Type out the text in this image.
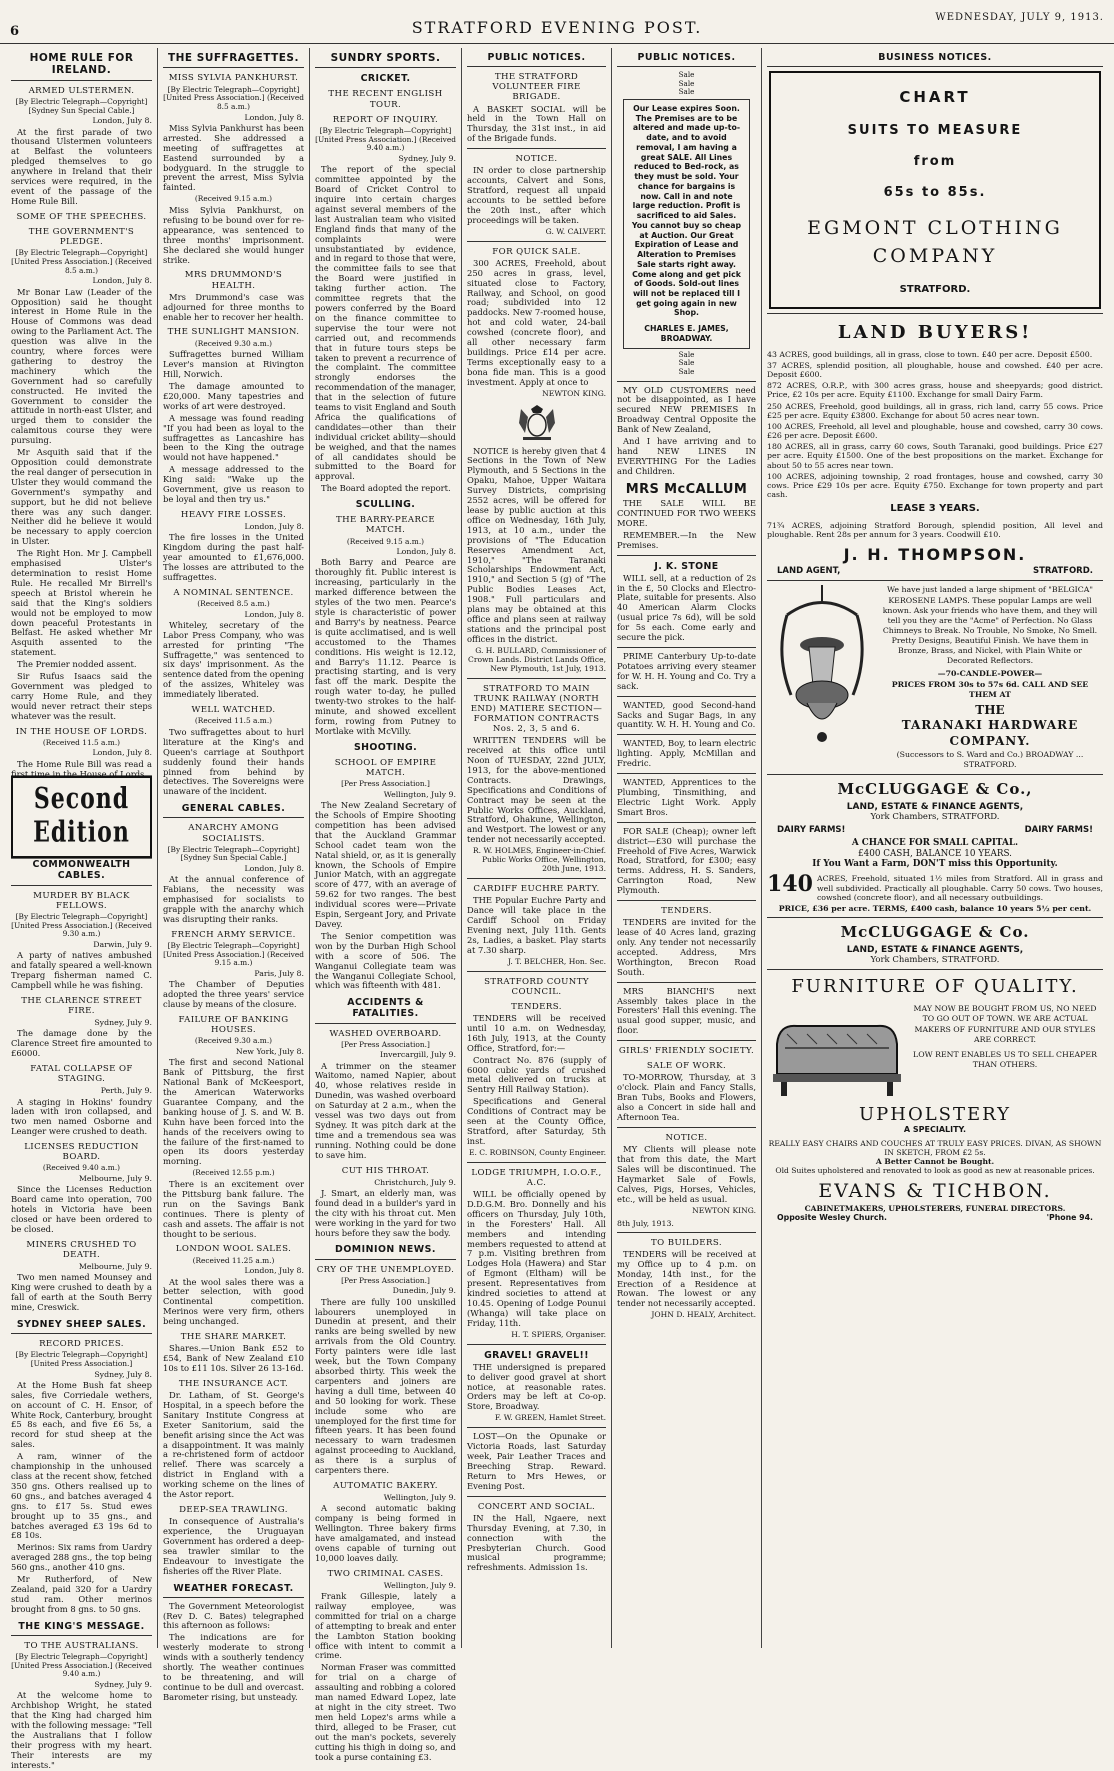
6	STRATFORD EVENING POST.
WEDNESDAY, JULY 9, 1913.
HOME RULE FOR IRELAND.
ARMED ULSTERMEN.
[By Electric Telegraph—Copyright] [Sydney Sun Special Cable.]
London, July 8.

At the first parade of two thousand Ulstermen volunteers at Belfast the volunteers pledged themselves to go anywhere in Ireland that their services were required, in the event of the passage of the Home Rule Bill.

SOME OF THE SPEECHES.
THE GOVERNMENT'S PLEDGE.
[By Electric Telegraph—Copyright] [United Press Association.] (Received 8.5 a.m.)
London, July 8.

Mr Bonar Law (Leader of the Opposition) said he thought interest in Home Rule in the House of Commons was dead owing to the Parliament Act. The question was alive in the country, where forces were gathering to destroy the machinery which the Government had so carefully constructed. He invited the Government to consider the attitude in north-east Ulster, and urged them to consider the calamitous course they were pursuing.

Mr Asquith said that if the Opposition could demonstrate the real danger of persecution in Ulster they would command the Government's sympathy and support, but he did not believe there was any such danger. Neither did he believe it would be necessary to apply coercion in Ulster.

The Right Hon. Mr J. Campbell emphasised Ulster's determination to resist Home Rule. He recalled Mr Birrell's speech at Bristol wherein he said that the King's soldiers would not be employed to mow down peaceful Protestants in Belfast. He asked whether Mr Asquith assented to the statement.

The Premier nodded assent.

Sir Rufus Isaacs said the Government was pledged to carry Home Rule, and they would never retract their steps whatever was the result.

IN THE HOUSE OF LORDS.
(Received 11.5 a.m.)
London, July 8.

The Home Rule Bill was read a first time in the House of Lords.

Second Edition
COMMONWEALTH CABLES.
MURDER BY BLACK FELLOWS.
[By Electric Telegraph—Copyright] [United Press Association.] (Received 9.30 a.m.)
Darwin, July 9.

A party of natives ambushed and fatally speared a well-known Treparg fisherman named C. Campbell while he was fishing.

THE CLARENCE STREET FIRE.
Sydney, July 9.

The damage done by the Clarence Street fire amounted to £6000.

FATAL COLLAPSE OF STAGING.
Perth, July 9.

A staging in Hokins' foundry laden with iron collapsed, and two men named Osborne and Leanger were crushed to death.

LICENSES REDUCTION BOARD.
(Received 9.40 a.m.)
Melbourne, July 9.

Since the Licenses Reduction Board came into operation, 700 hotels in Victoria have been closed or have been ordered to be closed.

MINERS CRUSHED TO DEATH.
Melbourne, July 9.

Two men named Mounsey and King were crushed to death by a fall of earth at the South Berry mine, Creswick.

SYDNEY SHEEP SALES.
RECORD PRICES.
[By Electric Telegraph—Copyright] [United Press Association.]
Sydney, July 8.

At the Home Bush fat sheep sales, five Corriedale wethers, on account of C. H. Ensor, of White Rock, Canterbury, brought £5 8s each, and five £6 5s, a record for stud sheep at the sales.

A ram, winner of the championship in the unhoused class at the recent show, fetched 350 gns. Others realised up to 60 gns., and batches averaged 4 gns. to £17 5s. Stud ewes brought up to 35 gns., and batches averaged £3 19s 6d to £8 10s.

Merinos: Six rams from Uardry averaged 288 gns., the top being 560 gns., another 410 gns.

Mr Rutherford, of New Zealand, paid 320 for a Uardry stud ram. Other merinos brought from 8 gns. to 50 gns.

THE KING'S MESSAGE.
TO THE AUSTRALIANS.
[By Electric Telegraph—Copyright] [United Press Association.] (Received 9.40 a.m.)
Sydney, July 9.

At the welcome home to Archbishop Wright, he stated that the King had charged him with the following message: "Tell the Australians that I follow their progress with my heart. Their interests are my interests."

THE SUFFRAGETTES.
MISS SYLVIA PANKHURST.
[By Electric Telegraph—Copyright] [United Press Association.] (Received 8.5 a.m.)
London, July 8.

Miss Sylvia Pankhurst has been arrested. She addressed a meeting of suffragettes at Eastend surrounded by a bodyguard. In the struggle to prevent the arrest, Miss Sylvia fainted.

(Received 9.15 a.m.)

Miss Sylvia Pankhurst, on refusing to be bound over for re-appearance, was sentenced to three months' imprisonment. She declared she would hunger strike.

MRS DRUMMOND'S HEALTH.

Mrs Drummond's case was adjourned for three months to enable her to recover her health.

THE SUNLIGHT MANSION.
(Received 9.30 a.m.)

Suffragettes burned William Lever's mansion at Rivington Hill, Norwich.

The damage amounted to £20,000. Many tapestries and works of art were destroyed.

A message was found reading "If you had been as loyal to the suffragettes as Lancashire has been to the King the outrage would not have happened."

A message addressed to the King said: "Wake up the Government, give us reason to be loyal and then try us."

HEAVY FIRE LOSSES.
London, July 8.

The fire losses in the United Kingdom during the past half-year amounted to £1,676,000. The losses are attributed to the suffragettes.

A NOMINAL SENTENCE.
(Received 8.5 a.m.)
London, July 8.

Whiteley, secretary of the Labor Press Company, who was arrested for printing "The Suffragette," was sentenced to six days' imprisonment. As the sentence dated from the opening of the assizes, Whiteley was immediately liberated.

WELL WATCHED.
(Received 11.5 a.m.)

Two suffragettes about to hurl literature at the King's and Queen's carriage at Southport suddenly found their hands pinned from behind by detectives. The Sovereigns were unaware of the incident.

GENERAL CABLES.
ANARCHY AMONG SOCIALISTS.
[By Electric Telegraph—Copyright] [Sydney Sun Special Cable.]
London, July 8.

At the annual conference of Fabians, the necessity was emphasised for socialists to grapple with the anarchy which was disrupting their ranks.

FRENCH ARMY SERVICE.
[By Electric Telegraph—Copyright] [United Press Association.] (Received 9.15 a.m.)
Paris, July 8.

The Chamber of Deputies adopted the three years' service clause by means of the closure.

FAILURE OF BANKING HOUSES.
(Received 9.30 a.m.)
New York, July 8.

The first and second National Bank of Pittsburg, the first National Bank of McKeesport, the American Waterworks Guarantee Company, and the banking house of J. S. and W. B. Kuhn have been forced into the hands of the receivers owing to the failure of the first-named to open its doors yesterday morning.

(Received 12.55 p.m.)

There is an excitement over the Pittsburg bank failure. The run on the Savings Bank continues. There is plenty of cash and assets. The affair is not thought to be serious.

LONDON WOOL SALES.
(Received 11.25 a.m.)
London, July 8.

At the wool sales there was a better selection, with good Continental competition. Merinos were very firm, others being unchanged.

THE SHARE MARKET.

Shares.—Union Bank £52 to £54, Bank of New Zealand £10 10s to £11 10s. Silver 26 13-16d.

THE INSURANCE ACT.

Dr. Latham, of St. George's Hospital, in a speech before the Sanitary Institute Congress at Exeter Sanitorium, said the benefit arising since the Act was a disappointment. It was mainly a re-christened form of actdoor relief. There was scarcely a district in England with a working scheme on the lines of the Astor report.

DEEP-SEA TRAWLING.

In consequence of Australia's experience, the Uruguayan Government has ordered a deep-sea trawler similar to the Endeavour to investigate the fisheries off the River Plate.

WEATHER FORECAST.

The Government Meteorologist (Rev D. C. Bates) telegraphed this afternoon as follows:

The indications are for westerly moderate to strong winds with a southerly tendency shortly. The weather continues to be threatening, and will continue to be dull and overcast. Barometer rising, but unsteady.

SUNDRY SPORTS.
CRICKET.
THE RECENT ENGLISH TOUR.
REPORT OF INQUIRY.
[By Electric Telegraph—Copyright] [United Press Association.] (Received 9.40 a.m.)
Sydney, July 9.

The report of the special committee appointed by the Board of Cricket Control to inquire into certain charges against several members of the last Australian team who visited England finds that many of the complaints were unsubstantiated by evidence, and in regard to those that were, the committee fails to see that the Board were justified in taking further action. The committee regrets that the powers conferred by the Board on the finance committee to supervise the tour were not carried out, and recommends that in future tours steps be taken to prevent a recurrence of the complaint. The committee strongly endorses the recommendation of the manager, that in the selection of future teams to visit England and South Africa the qualifications of candidates—other than their individual cricket ability—should be weighed, and that the names of all candidates should be submitted to the Board for approval.

The Board adopted the report.

SCULLING.
THE BARRY-PEARCE MATCH.
(Received 9.15 a.m.)
London, July 8.

Both Barry and Pearce are thoroughly fit. Public interest is increasing, particularly in the marked difference between the styles of the two men. Pearce's style is characteristic of power and Barry's by neatness. Pearce is quite acclimatised, and is well accustomed to the Thames conditions. His weight is 12.12, and Barry's 11.12. Pearce is practising starting, and is very fast off the mark. Despite the rough water to-day, he pulled twenty-two strokes to the half-minute, and showed excellent form, rowing from Putney to Mortlake with McVilly.

SHOOTING.
SCHOOL OF EMPIRE MATCH.
[Per Press Association.]
Wellington, July 9.

The New Zealand Secretary of the Schools of Empire Shooting competition has been advised that the Auckland Grammar School cadet team won the Natal shield, or, as it is generally known, the Schools of Empire Junior Match, with an aggregate score of 477, with an average of 59.62 for two ranges. The best individual scores were—Private Espin, Sergeant Jory, and Private Davey.

The Senior competition was won by the Durban High School with a score of 506. The Wanganui Collegiate team was the Wanganui Collegiate School, which was fifteenth with 481.

ACCIDENTS & FATALITIES.
WASHED OVERBOARD.
[Per Press Association.]
Invercargill, July 9.

A trimmer on the steamer Waitomo, named Napier, about 40, whose relatives reside in Dunedin, was washed overboard on Saturday at 2 a.m., when the vessel was two days out from Sydney. It was pitch dark at the time and a tremendous sea was running. Nothing could be done to save him.

CUT HIS THROAT.
Christchurch, July 9.

J. Smart, an elderly man, was found dead in a builder's yard in the city with his throat cut. Men were working in the yard for two hours before they saw the body.

DOMINION NEWS.
CRY OF THE UNEMPLOYED.
[Per Press Association.]
Dunedin, July 9.

There are fully 100 unskilled labourers unemployed in Dunedin at present, and their ranks are being swelled by new arrivals from the Old Country. Forty painters were idle last week, but the Town Company absorbed thirty. This week the carpenters and joiners are having a dull time, between 40 and 50 looking for work. These include some who are unemployed for the first time for fifteen years. It has been found necessary to warn tradesmen against proceeding to Auckland, as there is a surplus of carpenters there.

AUTOMATIC BAKERY.
Wellington, July 9.

A second automatic baking company is being formed in Wellington. Three bakery firms have amalgamated, and instead ovens capable of turning out 10,000 loaves daily.

TWO CRIMINAL CASES.
Wellington, July 9.

Frank Gillespie, lately a railway employee, was committed for trial on a charge of attempting to break and enter the Lambton Station booking office with intent to commit a crime.

Norman Fraser was committed for trial on a charge of assaulting and robbing a colored man named Edward Lopez, late at night in the city street. Two men held Lopez's arms while a third, alleged to be Fraser, cut out the man's pockets, severely cutting his thigh in doing so, and took a purse containing £3.

PUBLIC NOTICES.
THE STRATFORD VOLUNTEER FIRE BRIGADE.

A BASKET SOCIAL will be held in the Town Hall on Thursday, the 31st inst., in aid of the Brigade funds.

NOTICE.

IN order to close partnership accounts, Calvert and Sons, Stratford, request all unpaid accounts to be settled before the 20th inst., after which proceedings will be taken.

G. W. CALVERT.
FOR QUICK SALE.

300 ACRES, Freehold, about 250 acres in grass, level, situated close to Factory, Railway, and School, on good road; subdivided into 12 paddocks. New 7-roomed house, hot and cold water, 24-bail cowshed (concrete floor), and all other necessary farm buildings. Price £14 per acre. Terms exceptionally easy to a bona fide man. This is a good investment. Apply at once to

NEWTON KING.

NOTICE is hereby given that 4 Sections in the Town of New Plymouth, and 5 Sections in the Opaku, Mahoe, Upper Waitara Survey Districts, comprising 2552 acres, will be offered for lease by public auction at this office on Wednesday, 16th July, 1913, at 10 a.m., under the provisions of "The Education Reserves Amendment Act, 1910," "The Taranaki Scholarships Endowment Act, 1910," and Section 5 (g) of "The Public Bodies Leases Act, 1908." Full particulars and plans may be obtained at this office and plans seen at railway stations and the principal post offices in the district.

G. H. BULLARD, Commissioner of Crown Lands. District Lands Office, New Plymouth, 1st July, 1913.
STRATFORD TO MAIN TRUNK RAILWAY (NORTH END) MATIERE SECTION—FORMATION CONTRACTS Nos. 2, 3, 5 and 6.

WRITTEN TENDERS will be received at this office until Noon of TUESDAY, 22nd JULY, 1913, for the above-mentioned Contracts. Drawings, Specifications and Conditions of Contract may be seen at the Public Works Offices, Auckland, Stratford, Ohakune, Wellington, and Westport. The lowest or any tender not necessarily accepted.

R. W. HOLMES, Engineer-in-Chief. Public Works Office, Wellington, 20th June, 1913.
CARDIFF EUCHRE PARTY.

THE Popular Euchre Party and Dance will take place in the Cardiff School on Friday Evening next, July 11th. Gents 2s, Ladies, a basket. Play starts at 7.30 sharp.

J. T. BELCHER, Hon. Sec.
STRATFORD COUNTY COUNCIL.
TENDERS.

TENDERS will be received until 10 a.m. on Wednesday, 16th July, 1913, at the County Office, Stratford, for:—

Contract No. 876 (supply of 6000 cubic yards of crushed metal delivered on trucks at Sentry Hill Railway Station).

Specifications and General Conditions of Contract may be seen at the County Office, Stratford, after Saturday, 5th inst.

E. C. ROBINSON, County Engineer.
LODGE TRIUMPH, I.O.O.F., A.C.

WILL be officially opened by D.D.G.M. Bro. Donnelly and his officers on Thursday, July 10th, in the Foresters' Hall. All members and intending members requested to attend at 7 p.m. Visiting brethren from Lodges Hola (Hawera) and Star of Egmont (Eltham) will be present. Representatives from kindred societies to attend at 10.45. Opening of Lodge Pounui (Whanga) will take place on Friday, 11th.

H. T. SPIERS, Organiser.
GRAVEL! GRAVEL!!

THE undersigned is prepared to deliver good gravel at short notice, at reasonable rates. Orders may be left at Co-op. Store, Broadway.

F. W. GREEN, Hamlet Street.

LOST—On the Opunake or Victoria Roads, last Saturday week, Pair Leather Traces and Breeching Strap. Reward. Return to Mrs Hewes, or Evening Post.

CONCERT AND SOCIAL.

IN the Hall, Ngaere, next Thursday Evening, at 7.30, in connection with the Presbyterian Church. Good musical programme; refreshments. Admission 1s.

PUBLIC NOTICES.
Sale
Sale
Sale
Our Lease expires Soon. The Premises are to be altered and made up-to-date, and to avoid removal, I am having a great SALE. All Lines reduced to Bed-rock, as they must be sold. Your chance for bargains is now. Call in and note large reduction. Profit is sacrificed to aid Sales. You cannot buy so cheap at Auction. Our Great Expiration of Lease and Alteration to Premises Sale starts right away. Come along and get pick of Goods. Sold-out lines will not be replaced till I get going again in new Shop.
CHARLES E. JAMES, BROADWAY.
Sale
Sale
Sale

MY OLD CUSTOMERS need not be disappointed, as I have secured NEW PREMISES In Broadway Central Opposite the Bank of New Zealand,

And I have arriving and to hand NEW LINES IN EVERYTHING For the Ladies and Children.

MRS McCALLUM

THE SALE WILL BE CONTINUED FOR TWO WEEKS MORE.

REMEMBER.—In the New Premises.

J. K. STONE

WILL sell, at a reduction of 2s in the £, 50 Clocks and Electro-Plate, suitable for presents. Also 40 American Alarm Clocks (usual price 7s 6d), will be sold for 5s each. Come early and secure the pick.

PRIME Canterbury Up-to-date Potatoes arriving every steamer for W. H. H. Young and Co. Try a sack.

WANTED, good Second-hand Sacks and Sugar Bags, in any quantity. W. H. H. Young and Co.

WANTED, Boy, to learn electric lighting. Apply, McMillan and Fredric.

WANTED, Apprentices to the Plumbing, Tinsmithing, and Electric Light Work. Apply Smart Bros.

FOR SALE (Cheap); owner left district—£30 will purchase the Freehold of Five Acres, Warwick Road, Stratford, for £300; easy terms. Address, H. S. Sanders, Carrington Road, New Plymouth.

TENDERS.

TENDERS are invited for the lease of 40 Acres land, grazing only. Any tender not necessarily accepted. Address, Mrs Worthington, Brecon Road South.

MRS BIANCHI'S next Assembly takes place in the Foresters' Hall this evening. The usual good supper, music, and floor.

GIRLS' FRIENDLY SOCIETY.
SALE OF WORK.

TO-MORROW, Thursday, at 3 o'clock. Plain and Fancy Stalls, Bran Tubs, Books and Flowers, also a Concert in side hall and Afternoon Tea.

NOTICE.

MY Clients will please note that from this date, the Mart Sales will be discontinued. The Haymarket Sale of Fowls, Calves, Pigs, Horses, Vehicles, etc., will be held as usual.

NEWTON KING.
8th July, 1913.
TO BUILDERS.

TENDERS will be received at my Office up to 4 p.m. on Monday, 14th inst., for the Erection of a Residence at Rowan. The lowest or any tender not necessarily accepted.

JOHN D. HEALY, Architect.
BUSINESS NOTICES.
CHART
SUITS TO MEASURE
from
65s to 85s.
EGMONT CLOTHING
COMPANY
STRATFORD.
LAND BUYERS!
43 ACRES, good buildings, all in grass, close to town. £40 per acre. Deposit £500.
37 ACRES, splendid position, all ploughable, house and cowshed. £40 per acre. Deposit £600.
872 ACRES, O.R.P., with 300 acres grass, house and sheepyards; good district. Price, £2 10s per acre. Equity £1100. Exchange for small Dairy Farm.
250 ACRES, Freehold, good buildings, all in grass, rich land, carry 55 cows. Price £25 per acre. Equity £3800. Exchange for about 50 acres near town.
100 ACRES, Freehold, all level and ploughable, house and cowshed, carry 30 cows. £26 per acre. Deposit £600.
180 ACRES, all in grass, carry 60 cows, South Taranaki, good buildings. Price £27 per acre. Equity £1500. One of the best propositions on the market. Exchange for about 50 to 55 acres near town.
100 ACRES, adjoining township, 2 road frontages, house and cowshed, carry 30 cows. Price £29 10s per acre. Equity £750. Exchange for town property and part cash.
LEASE 3 YEARS.
71¾ ACRES, adjoining Stratford Borough, splendid position, All level and ploughable. Rent 28s per annum for 3 years. Coodwill £10.
J. H. THOMPSON.
LAND AGENT,	STRATFORD.
We have just landed a large shipment of "BELGICA" KEROSENE LAMPS. These popular Lamps are well known. Ask your friends who have them, and they will tell you they are the "Acme" of Perfection. No Glass Chimneys to Break. No Trouble, No Smoke, No Smell. Pretty Designs, Beautiful Finish. We have them in Bronze, Brass, and Nickel, with Plain White or Decorated Reflectors.
—70-CANDLE-POWER—
PRICES FROM 30s to 57s 6d. CALL AND SEE THEM AT
THE
TARANAKI HARDWARE COMPANY.
(Successors to S. Ward and Co.) BROADWAY ... STRATFORD.
McCLUGGAGE & Co.,
LAND, ESTATE & FINANCE AGENTS,
York Chambers, STRATFORD.
DAIRY FARMS!	DAIRY FARMS!
A CHANCE FOR SMALL CAPITAL.
£400 CASH, BALANCE 10 YEARS.
If You Want a Farm, DON'T miss this Opportunity.
140 ACRES, Freehold, situated 1½ miles from Stratford. All in grass and well subdivided. Practically all ploughable. Carry 50 cows. Two houses, cowshed (concrete floor), and all necessary outbuildings.
PRICE, £36 per acre. TERMS, £400 cash, balance 10 years 5½ per cent.
McCLUGGAGE & Co.
LAND, ESTATE & FINANCE AGENTS,
York Chambers, STRATFORD.
FURNITURE OF QUALITY.
MAY NOW BE BOUGHT FROM US, NO NEED TO GO OUT OF TOWN. WE ARE ACTUAL MAKERS OF FURNITURE AND OUR STYLES ARE CORRECT.
LOW RENT ENABLES US TO SELL CHEAPER THAN OTHERS.
UPHOLSTERY
A SPECIALITY.
REALLY EASY CHAIRS AND COUCHES AT TRULY EASY PRICES. DIVAN, AS SHOWN IN SKETCH, FROM £2 5s.
A Better Cannot be Bought.
Old Suites upholstered and renovated to look as good as new at reasonable prices.
EVANS & TICHBON.
CABINETMAKERS, UPHOLSTERERS, FUNERAL DIRECTORS.
Opposite Wesley Church.	'Phone 94.
